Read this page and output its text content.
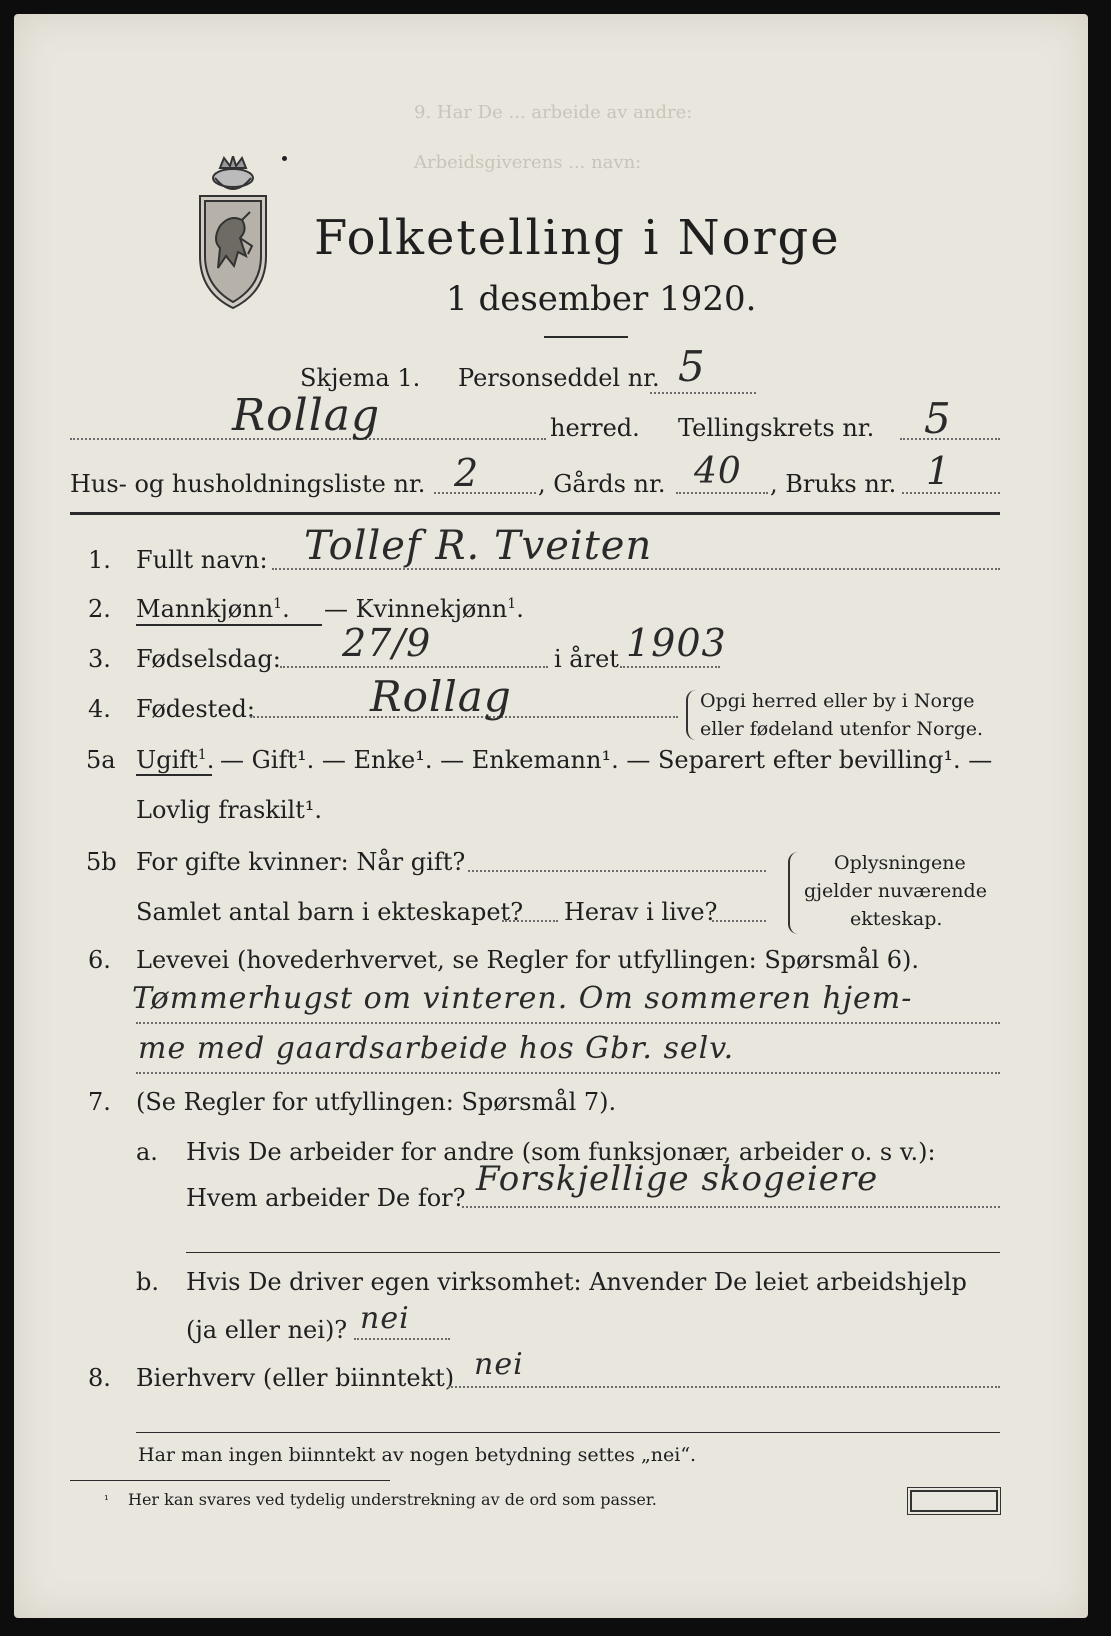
9. Har De ... arbeide av andre:
Arbeidsgiverens ... navn:
Folketelling i Norge
1 desember 1920.
Skjema 1. Personseddel nr. 5
Rollag	herred. Tellingskrets nr. 5
Hus- og husholdningsliste nr. 2 , Gårds nr. 40 , Bruks nr. 1
1. Fullt navn: Tollef R. Tveiten
2. Mannkjønn$^1$. — Kvinnekjønn$^1$.
3. Fødselsdag: 27/9	i året 1903
4. Fødested:	Rollag	Opgi herred eller by i Norge
eller fødeland utenfor Norge.
5a Ugift$^1$. — Gift¹. — Enke¹. — Enkemann¹. — Separert efter bevilling¹. —
Lovlig fraskilt¹.
5b For gifte kvinner: Når gift?
Samlet antal barn i ekteskapet? Herav i live?
Oplysningene
gjelder nuværende
ekteskap.
6. Levevei (hovederhvervet, se Regler for utfyllingen: Spørsmål 6).
Tømmerhugst om vinteren. Om sommeren hjem-
me med gaardsarbeide hos Gbr. selv.
7. (Se Regler for utfyllingen: Spørsmål 7).
a. Hvis De arbeider for andre (som funksjonær, arbeider o. s v.):
Hvem arbeider De for? Forskjellige skogeiere
b. Hvis De driver egen virksomhet: Anvender De leiet arbeidshjelp
(ja eller nei)? nei
8. Bierhverv (eller biinntekt) nei
Har man ingen biinntekt av nogen betydning settes „nei“.
¹ Her kan svares ved tydelig understrekning av de ord som passer.
